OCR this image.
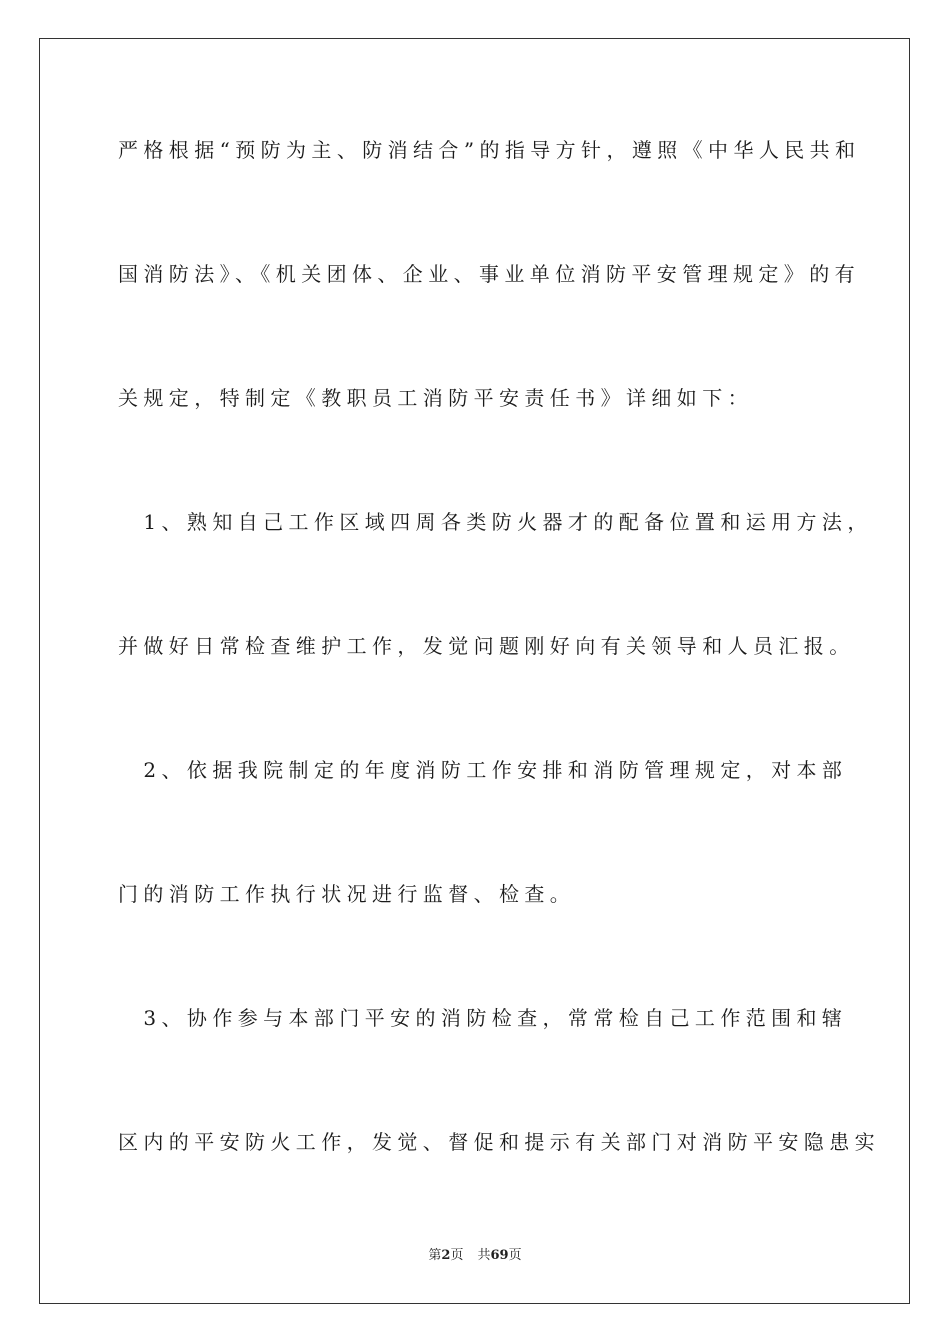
严格根据“预防为主、防消结合”的指导方针，遵照《中华人民共和

国消防法》、《机关团体、企业、事业单位消防平安管理规定》的有

关规定，特制定《教职员工消防平安责任书》详细如下：

　1、熟知自己工作区域四周各类防火器才的配备位置和运用方法，

并做好日常检查维护工作，发觉问题刚好向有关领导和人员汇报。

　2、依据我院制定的年度消防工作安排和消防管理规定，对本部

门的消防工作执行状况进行监督、检查。

　3、协作参与本部门平安的消防检查，常常检自己工作范围和辖

区内的平安防火工作，发觉、督促和提示有关部门对消防平安隐患实

第2页 共69页
